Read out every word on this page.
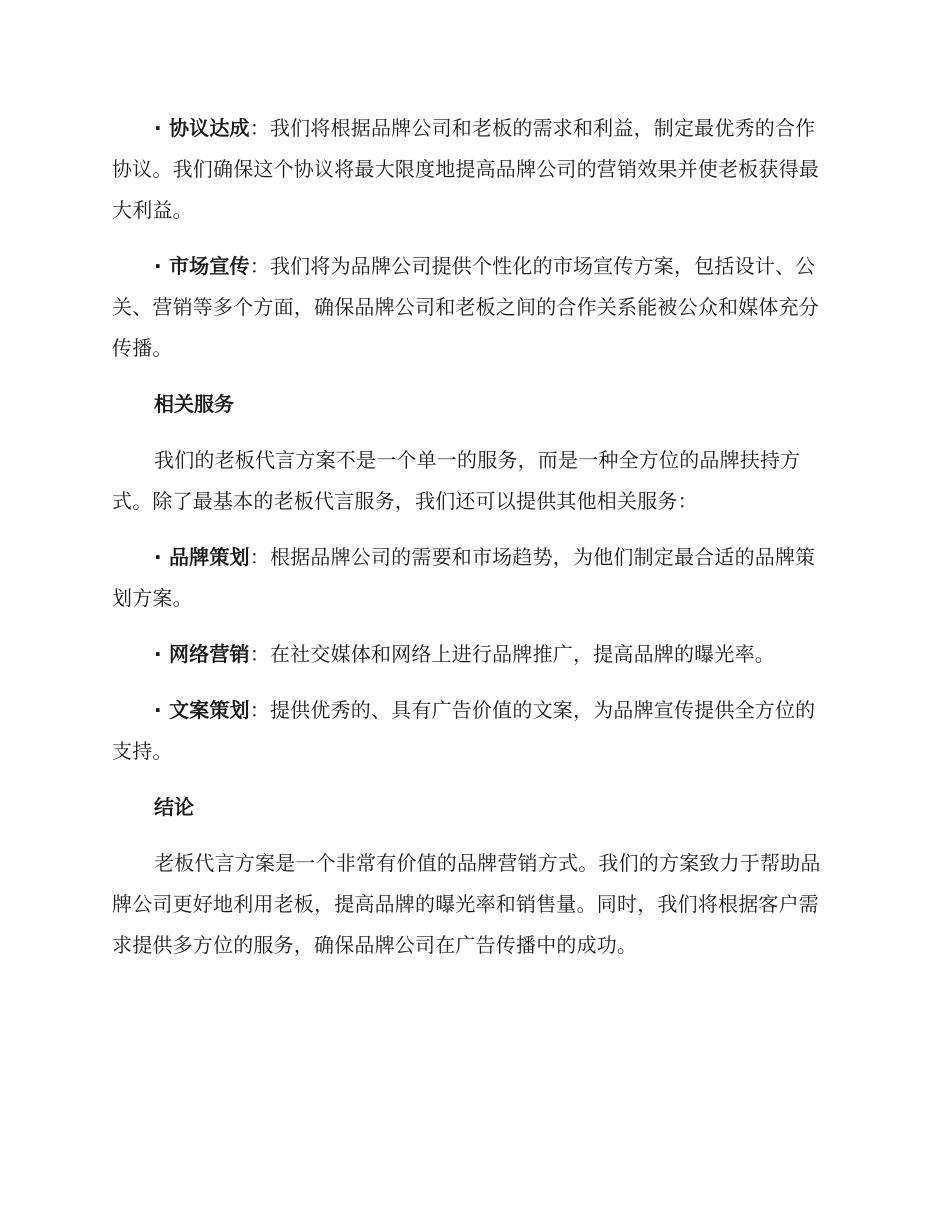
· 协议达成：我们将根据品牌公司和老板的需求和利益，制定最优秀的合作协议。我们确保这个协议将最大限度地提高品牌公司的营销效果并使老板获得最大利益。

· 市场宣传：我们将为品牌公司提供个性化的市场宣传方案，包括设计、公关、营销等多个方面，确保品牌公司和老板之间的合作关系能被公众和媒体充分传播。

相关服务

我们的老板代言方案不是一个单一的服务，而是一种全方位的品牌扶持方式。除了最基本的老板代言服务，我们还可以提供其他相关服务：

· 品牌策划：根据品牌公司的需要和市场趋势，为他们制定最合适的品牌策划方案。

· 网络营销：在社交媒体和网络上进行品牌推广，提高品牌的曝光率。

· 文案策划：提供优秀的、具有广告价值的文案，为品牌宣传提供全方位的支持。

结论

老板代言方案是一个非常有价值的品牌营销方式。我们的方案致力于帮助品牌公司更好地利用老板，提高品牌的曝光率和销售量。同时，我们将根据客户需求提供多方位的服务，确保品牌公司在广告传播中的成功。
